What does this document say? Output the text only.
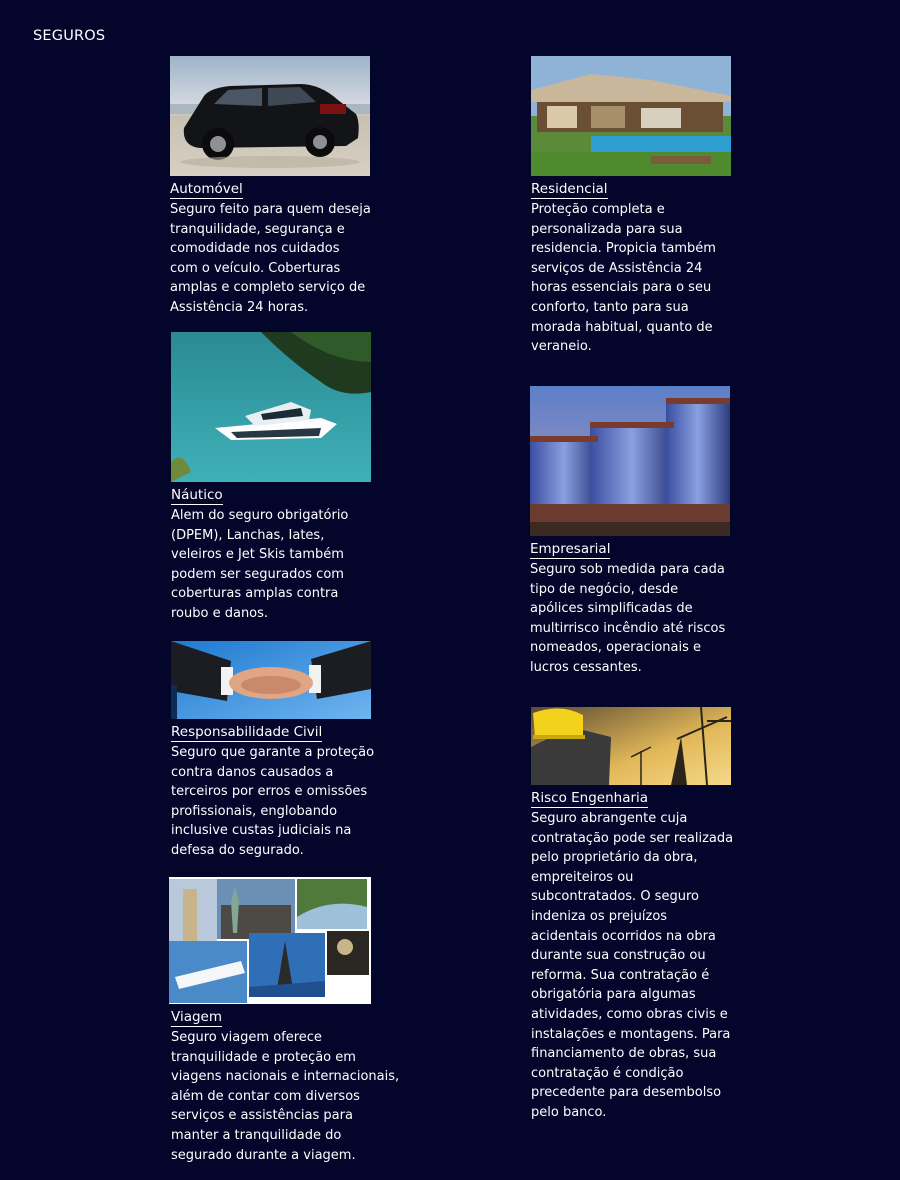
SEGUROS
Automóvel
Seguro feito para quem deseja
tranquilidade, segurança e
comodidade nos cuidados
com o veículo. Coberturas
amplas e completo serviço de
Assistência 24 horas.
Residencial
Proteção completa e
personalizada para sua
residencia. Propicia também
serviços de Assistência 24
horas essenciais para o seu
conforto, tanto para sua
morada habitual, quanto de
veraneio.
Náutico
Alem do seguro obrigatório
(DPEM), Lanchas, Iates,
veleiros e Jet Skis também
podem ser segurados com
coberturas amplas contra
roubo e danos.
Empresarial
Seguro sob medida para cada
tipo de negócio, desde
apólices simplificadas de
multirrisco incêndio até riscos
nomeados, operacionais e
lucros cessantes.
Responsabilidade Civil
Seguro que garante a proteção
contra danos causados a
terceiros por erros e omissões
profissionais, englobando
inclusive custas judiciais na
defesa do segurado.
Risco Engenharia
Seguro abrangente cuja
contratação pode ser realizada
pelo proprietário da obra,
empreiteiros ou
subcontratados. O seguro
indeniza os prejuízos
acidentais ocorridos na obra
durante sua construção ou
reforma. Sua contratação é
obrigatória para algumas
atividades, como obras civis e
instalações e montagens. Para
financiamento de obras, sua
contratação é condição
precedente para desembolso
pelo banco.
Viagem
Seguro viagem oferece
tranquilidade e proteção em
viagens nacionais e internacionais,
além de contar com diversos
serviços e assistências para
manter a tranquilidade do
segurado durante a viagem.
